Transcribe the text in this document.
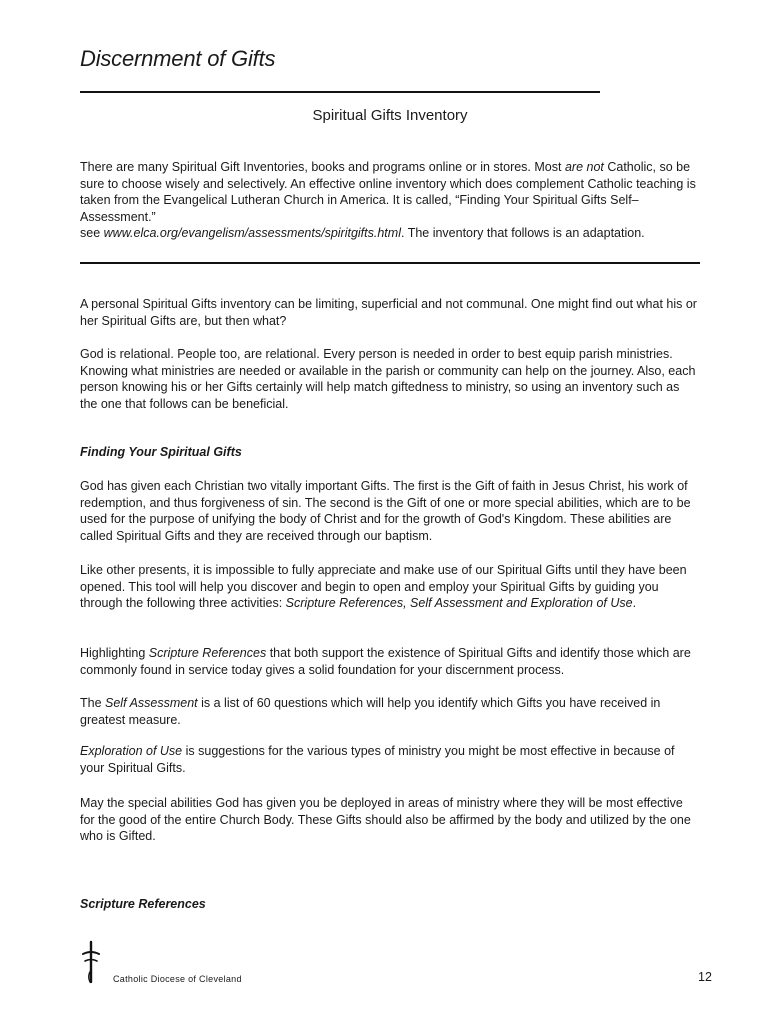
Discernment of Gifts
Spiritual Gifts Inventory

There are many Spiritual Gift Inventories, books and programs online or in stores. Most are not Catholic, so be sure to choose wisely and selectively. An effective online inventory which does complement Catholic teaching is taken from the Evangelical Lutheran Church in America. It is called, “Finding Your Spiritual Gifts Self–Assessment.”

see www.elca.org/evangelism/assessments/spiritgifts.html. The inventory that follows is an adaptation.

A personal Spiritual Gifts inventory can be limiting, superficial and not communal. One might find out what his or her Spiritual Gifts are, but then what?

God is relational. People too, are relational. Every person is needed in order to best equip parish ministries. Knowing what ministries are needed or available in the parish or community can help on the journey. Also, each person knowing his or her Gifts certainly will help match giftedness to ministry, so using an inventory such as the one that follows can be beneficial.

Finding Your Spiritual Gifts

God has given each Christian two vitally important Gifts. The first is the Gift of faith in Jesus Christ, his work of redemption, and thus forgiveness of sin. The second is the Gift of one or more special abilities, which are to be used for the purpose of unifying the body of Christ and for the growth of God's Kingdom. These abilities are called Spiritual Gifts and they are received through our baptism.

Like other presents, it is impossible to fully appreciate and make use of our Spiritual Gifts until they have been opened. This tool will help you discover and begin to open and employ your Spiritual Gifts by guiding you through the following three activities: Scripture References, Self Assessment and Exploration of Use.

Highlighting Scripture References that both support the existence of Spiritual Gifts and identify those which are commonly found in service today gives a solid foundation for your discernment process.

The Self Assessment is a list of 60 questions which will help you identify which Gifts you have received in greatest measure.

Exploration of Use is suggestions for the various types of ministry you might be most effective in because of your Spiritual Gifts.

May the special abilities God has given you be deployed in areas of ministry where they will be most effective for the good of the entire Church Body. These Gifts should also be affirmed by the body and utilized by the one who is Gifted.

Scripture References
Catholic Diocese of Cleveland	12
